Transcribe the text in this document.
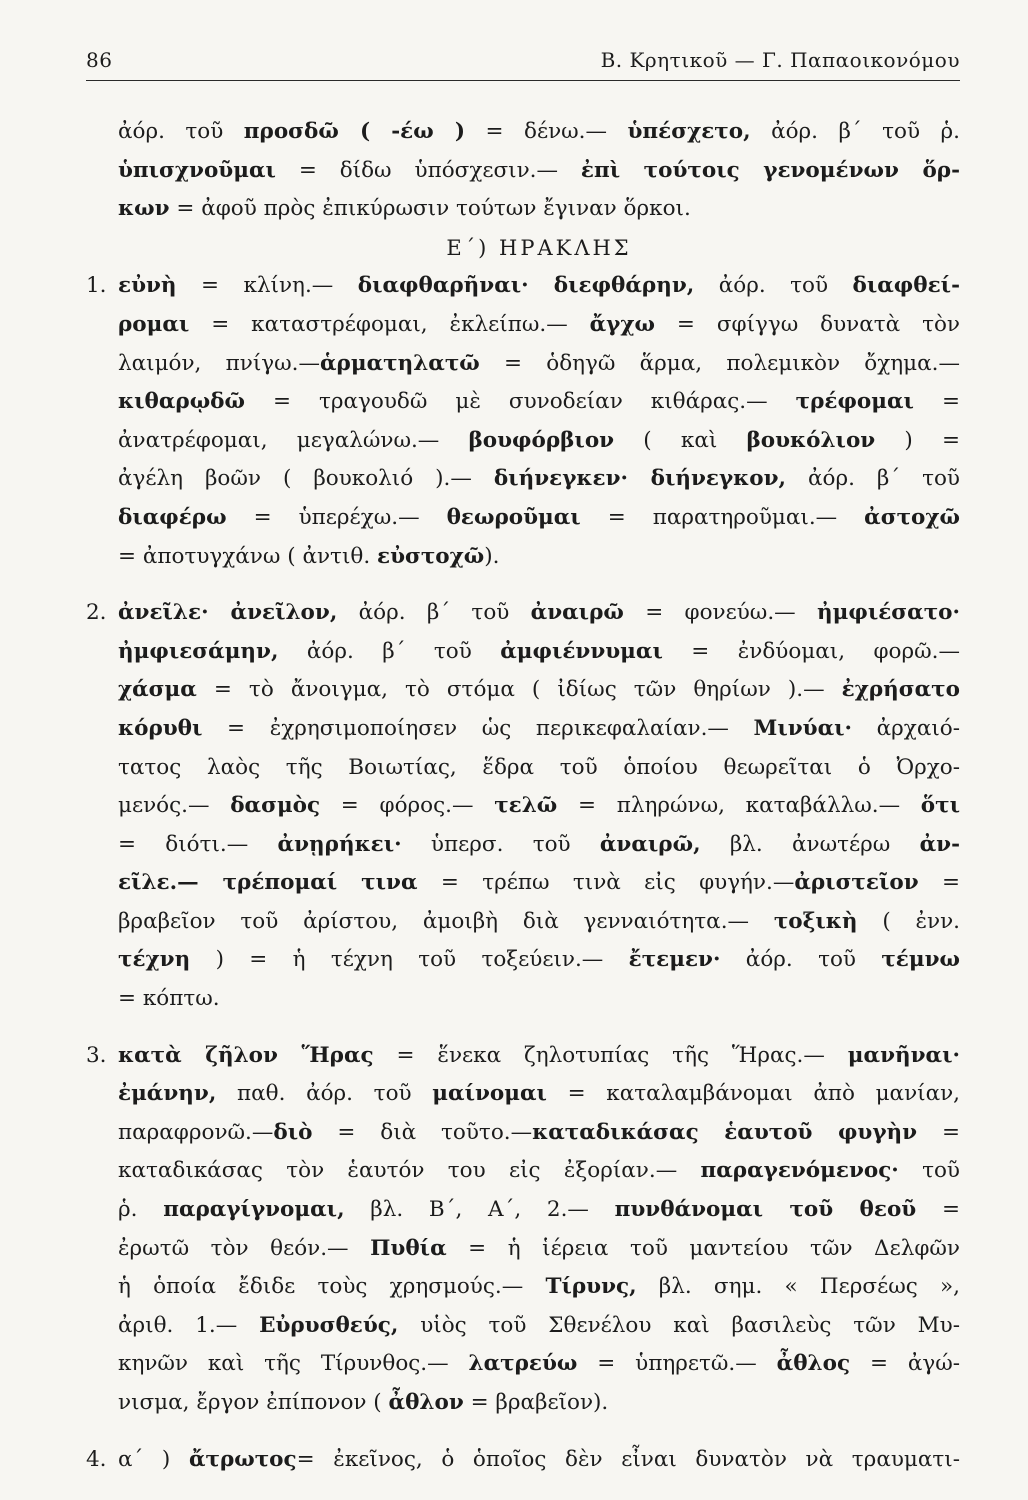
86	Β. Κρητικοῦ — Γ. Παπαοικονόμου
ἀόρ. τοῦ προσδῶ ( -έω ) = δένω.— ὑπέσχετο, ἀόρ. β΄ τοῦ ῥ.
ὑπισχνοῦμαι = δίδω ὑπόσχεσιν.— ἐπὶ τούτοις γενομένων ὅρ-
κων = ἀφοῦ πρὸς ἐπικύρωσιν τούτων ἔγιναν ὅρκοι.
Ε΄) ΗΡΑΚΛΗΣ
1. εὐνὴ = κλίνη.— διαφθαρῆναι· διεφθάρην, ἀόρ. τοῦ διαφθεί-
ρομαι = καταστρέφομαι, ἐκλείπω.— ἄγχω = σφίγγω δυνατὰ τὸν
λαιμόν, πνίγω.—ἁρματηλατῶ = ὁδηγῶ ἅρμα, πολεμικὸν ὄχημα.—
κιθαρῳδῶ = τραγουδῶ μὲ συνοδείαν κιθάρας.— τρέφομαι =
ἀνατρέφομαι, μεγαλώνω.— βουφόρβιον ( καὶ βουκόλιον ) =
ἀγέλη βοῶν ( βουκολιό ).— διήνεγκεν· διήνεγκον, ἀόρ. β΄ τοῦ
διαφέρω = ὑπερέχω.— θεωροῦμαι = παρατηροῦμαι.— ἀστοχῶ
= ἀποτυγχάνω ( ἀντιθ. εὐστοχῶ).
2. ἀνεῖλε· ἀνεῖλον, ἀόρ. β΄ τοῦ ἀναιρῶ = φονεύω.— ἠμφιέσατο·
ἠμφιεσάμην, ἀόρ. β΄ τοῦ ἀμφιέννυμαι = ἐνδύομαι, φορῶ.—
χάσμα = τὸ ἄνοιγμα, τὸ στόμα ( ἰδίως τῶν θηρίων ).— ἐχρήσατο
κόρυθι = ἐχρησιμοποίησεν ὡς περικεφαλαίαν.— Μινύαι· ἀρχαιό-
τατος λαὸς τῆς Βοιωτίας, ἕδρα τοῦ ὁποίου θεωρεῖται ὁ Ὀρχο-
μενός.— δασμὸς = φόρος.— τελῶ = πληρώνω, καταβάλλω.— ὅτι
= διότι.— ἀνῃρήκει· ὑπερσ. τοῦ ἀναιρῶ, βλ. ἀνωτέρω ἀν-
εῖλε.— τρέπομαί τινα = τρέπω τινὰ εἰς φυγήν.—ἀριστεῖον =
βραβεῖον τοῦ ἀρίστου, ἀμοιβὴ διὰ γενναιότητα.— τοξικὴ ( ἐνν.
τέχνη ) = ἡ τέχνη τοῦ τοξεύειν.— ἔτεμεν· ἀόρ. τοῦ τέμνω
= κόπτω.
3. κατὰ ζῆλον Ἥρας = ἕνεκα ζηλοτυπίας τῆς Ἥρας.— μανῆναι·
ἐμάνην, παθ. ἀόρ. τοῦ μαίνομαι = καταλαμβάνομαι ἀπὸ μανίαν,
παραφρονῶ.—διὸ = διὰ τοῦτο.—καταδικάσας ἑαυτοῦ φυγὴν =
καταδικάσας τὸν ἑαυτόν του εἰς ἐξορίαν.— παραγενόμενος· τοῦ
ῥ. παραγίγνομαι, βλ. Β΄, Α΄, 2.— πυνθάνομαι τοῦ θεοῦ =
ἐρωτῶ τὸν θεόν.— Πυθία = ἡ ἱέρεια τοῦ μαντείου τῶν Δελφῶν
ἡ ὁποία ἔδιδε τοὺς χρησμούς.— Τίρυνς, βλ. σημ. « Περσέως »,
ἀριθ. 1.— Εὐρυσθεύς, υἱὸς τοῦ Σθενέλου καὶ βασιλεὺς τῶν Μυ-
κηνῶν καὶ τῆς Τίρυνθος.— λατρεύω = ὑπηρετῶ.— ἆθλος = ἀγώ-
νισμα, ἔργον ἐπίπονον ( ἆθλον = βραβεῖον).
4. α΄ ) ἄτρωτος= ἐκεῖνος, ὁ ὁποῖος δὲν εἶναι δυνατὸν νὰ τραυματι-
